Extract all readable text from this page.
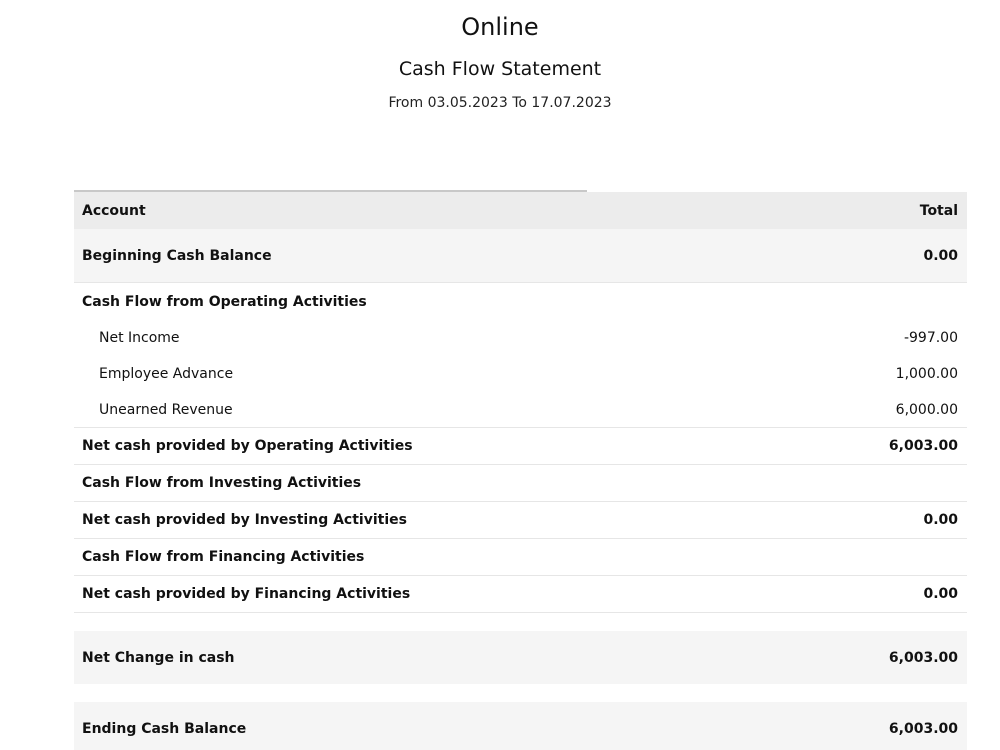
Online
Cash Flow Statement
From 03.05.2023 To 17.07.2023
Account	Total
Beginning Cash Balance	0.00
Cash Flow from Operating Activities
Net Income	-997.00
Employee Advance	1,000.00
Unearned Revenue	6,000.00
Net cash provided by Operating Activities	6,003.00
Cash Flow from Investing Activities
Net cash provided by Investing Activities	0.00
Cash Flow from Financing Activities
Net cash provided by Financing Activities	0.00
Net Change in cash	6,003.00
Ending Cash Balance	6,003.00
